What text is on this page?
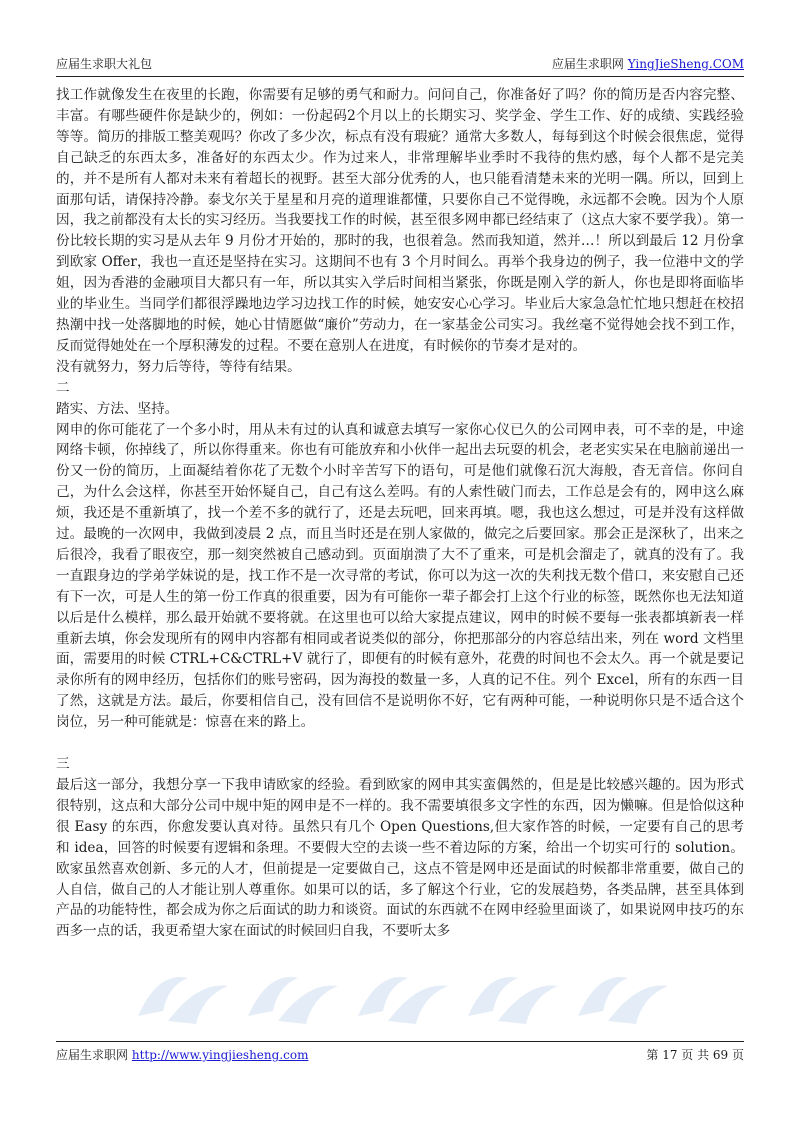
应届生求职大礼包	应届生求职网 YingJieSheng.COM

找工作就像发生在夜里的长跑，你需要有足够的勇气和耐力。问问自己，你准备好了吗？你的简历是否内容完整、丰富。有哪些硬件你是缺少的，例如：一份起码2个月以上的长期实习、奖学金、学生工作、好的成绩、实践经验等等。简历的排版工整美观吗？你改了多少次，标点有没有瑕疵？通常大多数人，每每到这个时候会很焦虑，觉得自己缺乏的东西太多，准备好的东西太少。作为过来人，非常理解毕业季时不我待的焦灼感，每个人都不是完美的，并不是所有人都对未来有着超长的视野。甚至大部分优秀的人，也只能看清楚未来的光明一隅。所以，回到上面那句话，请保持冷静。泰戈尔关于星星和月亮的道理谁都懂，只要你自己不觉得晚，永远都不会晚。因为个人原因，我之前都没有太长的实习经历。当我要找工作的时候，甚至很多网申都已经结束了（这点大家不要学我）。第一份比较长期的实习是从去年 9 月份才开始的，那时的我，也很着急。然而我知道，然并…！所以到最后 12 月份拿到欧家 Offer，我也一直还是坚持在实习。这期间不也有 3 个月时间么。再举个我身边的例子，我一位港中文的学姐，因为香港的金融项目大都只有一年，所以其实入学后时间相当紧张，你既是刚入学的新人，你也是即将面临毕业的毕业生。当同学们都很浮躁地边学习边找工作的时候，她安安心心学习。毕业后大家急急忙忙地只想赶在校招热潮中找一处落脚地的时候，她心甘情愿做“廉价”劳动力，在一家基金公司实习。我丝毫不觉得她会找不到工作，反而觉得她处在一个厚积薄发的过程。不要在意别人在进度，有时候你的节奏才是对的。

没有就努力，努力后等待，等待有结果。

二

踏实、方法、坚持。

网申的你可能花了一个多小时，用从未有过的认真和诚意去填写一家你心仪已久的公司网申表，可不幸的是，中途网络卡顿，你掉线了，所以你得重来。你也有可能放弃和小伙伴一起出去玩耍的机会，老老实实呆在电脑前递出一份又一份的简历，上面凝结着你花了无数个小时辛苦写下的语句，可是他们就像石沉大海般，杳无音信。你问自己，为什么会这样，你甚至开始怀疑自己，自己有这么差吗。有的人索性破门而去，工作总是会有的，网申这么麻烦，我还是不重新填了，找一个差不多的就行了，还是去玩吧，回来再填。嗯，我也这么想过，可是并没有这样做过。最晚的一次网申，我做到凌晨 2 点，而且当时还是在别人家做的，做完之后要回家。那会正是深秋了，出来之后很冷，我看了眼夜空，那一刻突然被自己感动到。页面崩溃了大不了重来，可是机会溜走了，就真的没有了。我一直跟身边的学弟学妹说的是，找工作不是一次寻常的考试，你可以为这一次的失利找无数个借口，来安慰自己还有下一次，可是人生的第一份工作真的很重要，因为有可能你一辈子都会打上这个行业的标签，既然你也无法知道以后是什么模样，那么最开始就不要将就。在这里也可以给大家提点建议，网申的时候不要每一张表都填新表一样重新去填，你会发现所有的网申内容都有相同或者说类似的部分，你把那部分的内容总结出来，列在 word 文档里面，需要用的时候 CTRL+C&CTRL+V 就行了，即便有的时候有意外，花费的时间也不会太久。再一个就是要记录你所有的网申经历，包括你们的账号密码，因为海投的数量一多，人真的记不住。列个 Excel，所有的东西一目了然，这就是方法。最后，你要相信自己，没有回信不是说明你不好，它有两种可能，一种说明你只是不适合这个岗位，另一种可能就是：惊喜在来的路上。

三

最后这一部分，我想分享一下我申请欧家的经验。看到欧家的网申其实蛮偶然的，但是是比较感兴趣的。因为形式很特别，这点和大部分公司中规中矩的网申是不一样的。我不需要填很多文字性的东西，因为懒嘛。但是恰似这种很 Easy 的东西，你愈发要认真对待。虽然只有几个 Open Questions,但大家作答的时候，一定要有自己的思考和 idea，回答的时候要有逻辑和条理。不要假大空的去谈一些不着边际的方案，给出一个切实可行的 solution。欧家虽然喜欢创新、多元的人才，但前提是一定要做自己，这点不管是网申还是面试的时候都非常重要，做自己的人自信，做自己的人才能让别人尊重你。如果可以的话，多了解这个行业，它的发展趋势，各类品牌，甚至具体到产品的功能特性，都会成为你之后面试的助力和谈资。面试的东西就不在网申经验里面谈了，如果说网申技巧的东西多一点的话，我更希望大家在面试的时候回归自我，不要听太多

应届生求职网 http://www.yingjiesheng.com	第 17 页 共 69 页
